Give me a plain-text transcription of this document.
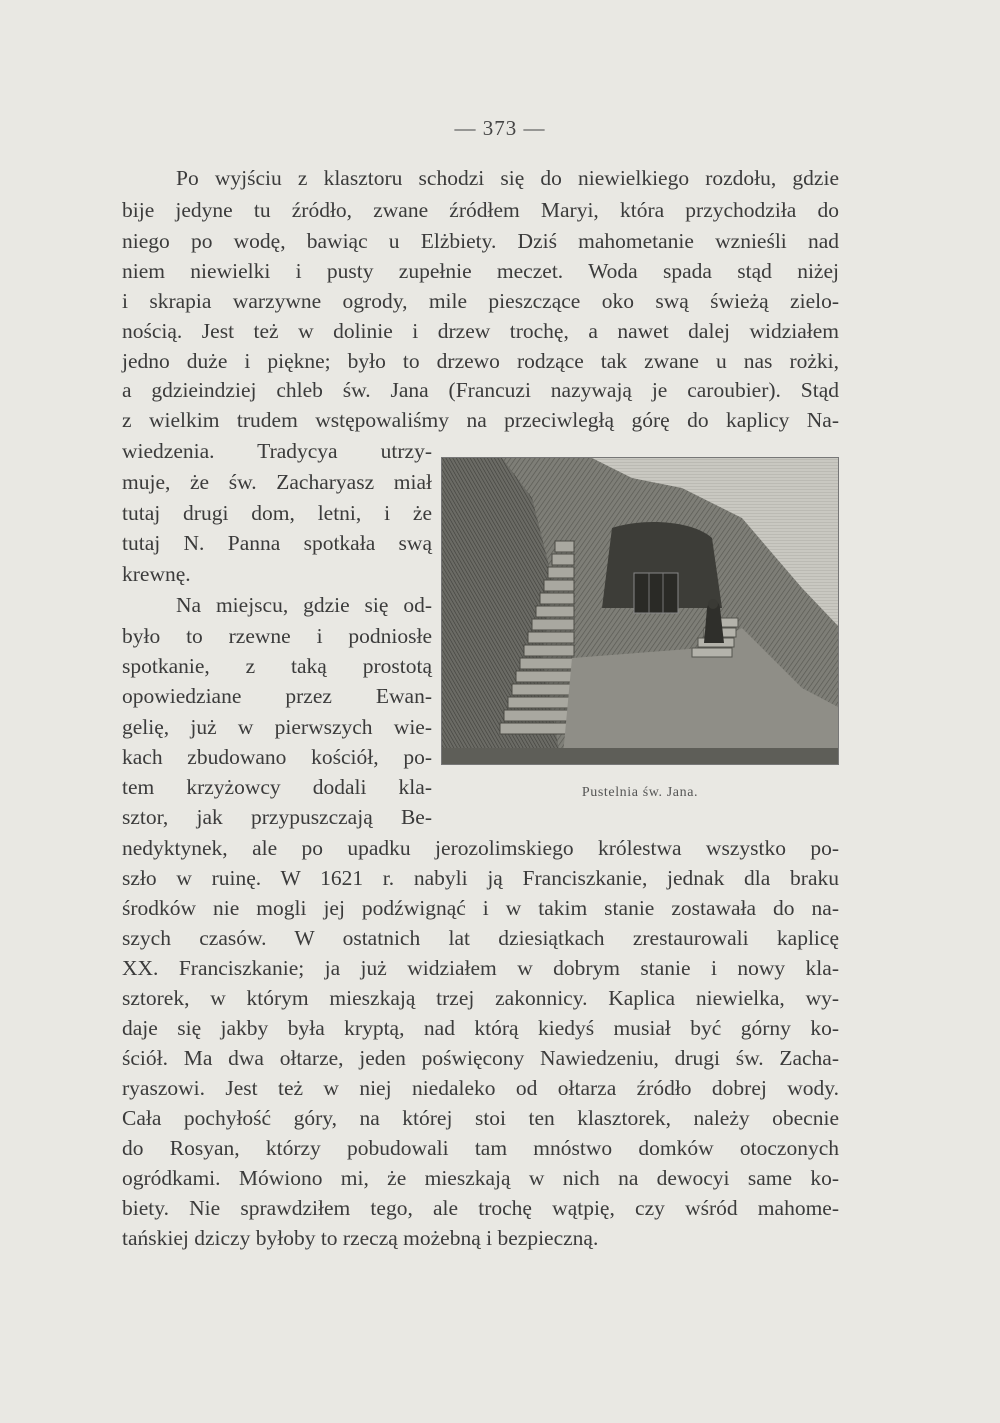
— 373 —
Po wyjściu z klasztoru schodzi się do niewielkiego rozdołu, gdzie
bije jedyne tu źródło, zwane źródłem Maryi, która przychodziła do
niego po wodę, bawiąc u Elżbiety. Dziś mahometanie wznieśli nad
niem niewielki i pusty zupełnie meczet. Woda spada stąd niżej
i skrapia warzywne ogrody, mile pieszczące oko swą świeżą zielo-
nością. Jest też w dolinie i drzew trochę, a nawet dalej widziałem
jedno duże i piękne; było to drzewo rodzące tak zwane u nas rożki,
a gdzieindziej chleb św. Jana (Francuzi nazywają je caroubier). Stąd
z wielkim trudem wstępowaliśmy na przeciwległą górę do kaplicy Na-
wiedzenia. Tradycya utrzy-
muje, że św. Zacharyasz miał
tutaj drugi dom, letni, i że
tutaj N. Panna spotkała swą
krewnę.
Na miejscu, gdzie się od-
było to rzewne i podniosłe
spotkanie, z taką prostotą
opowiedziane przez Ewan-
gelię, już w pierwszych wie-
kach zbudowano kościół, po-
tem krzyżowcy dodali kla-
sztor, jak przypuszczają Be-
nedyktynek, ale po upadku jerozolimskiego królestwa wszystko po-
szło w ruinę. W 1621 r. nabyli ją Franciszkanie, jednak dla braku
środków nie mogli jej podźwignąć i w takim stanie zostawała do na-
szych czasów. W ostatnich lat dziesiątkach zrestaurowali kaplicę
XX. Franciszkanie; ja już widziałem w dobrym stanie i nowy kla-
sztorek, w którym mieszkają trzej zakonnicy. Kaplica niewielka, wy-
daje się jakby była kryptą, nad którą kiedyś musiał być górny ko-
ściół. Ma dwa ołtarze, jeden poświęcony Nawiedzeniu, drugi św. Zacha-
ryaszowi. Jest też w niej niedaleko od ołtarza źródło dobrej wody.
Cała pochyłość góry, na której stoi ten klasztorek, należy obecnie
do Rosyan, którzy pobudowali tam mnóstwo domków otoczonych
ogródkami. Mówiono mi, że mieszkają w nich na dewocyi same ko-
biety. Nie sprawdziłem tego, ale trochę wątpię, czy wśród mahome-
tańskiej dziczy byłoby to rzeczą możebną i bezpieczną.
Pustelnia św. Jana.
